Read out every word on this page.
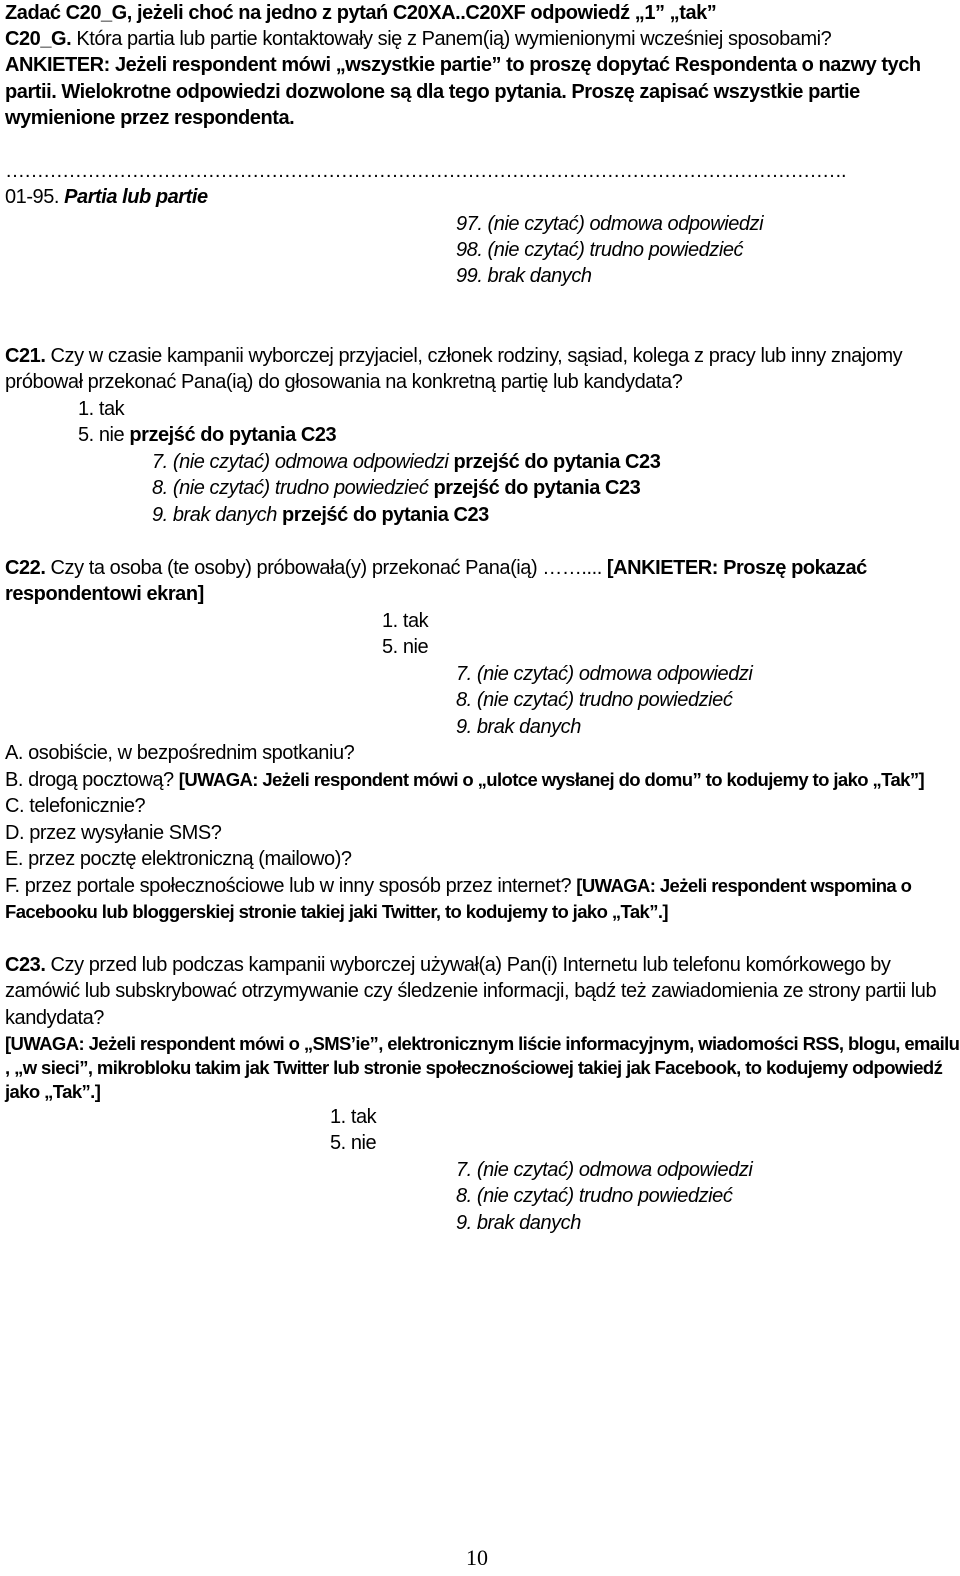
Zadać C20_G, jeżeli choć na jedno z pytań C20XA..C20XF odpowiedź „1” „tak”
C20_G. Która partia lub partie kontaktowały się z Panem(ią) wymienionymi wcześniej sposobami?
ANKIETER: Jeżeli respondent mówi „wszystkie partie” to proszę dopytać Respondenta o nazwy tych
partii. Wielokrotne odpowiedzi dozwolone są dla tego pytania. Proszę zapisać wszystkie partie
wymienione przez respondenta.
…………………………………………………………………………………………………………………….
01-95. Partia lub partie
97. (nie czytać) odmowa odpowiedzi
98. (nie czytać) trudno powiedzieć
99. brak danych
C21. Czy w czasie kampanii wyborczej przyjaciel, członek rodziny, sąsiad, kolega z pracy lub inny znajomy
próbował przekonać Pana(ią) do głosowania na konkretną partię lub kandydata?
1. tak
5. nie przejść do pytania C23
7. (nie czytać) odmowa odpowiedzi przejść do pytania C23
8. (nie czytać) trudno powiedzieć przejść do pytania C23
9. brak danych przejść do pytania C23
C22. Czy ta osoba (te osoby) próbowała(y) przekonać Pana(ią) …….... [ANKIETER: Proszę pokazać
respondentowi ekran]
1. tak
5. nie
7. (nie czytać) odmowa odpowiedzi
8. (nie czytać) trudno powiedzieć
9. brak danych
A. osobiście, w bezpośrednim spotkaniu?
B. drogą pocztową? [UWAGA: Jeżeli respondent mówi o „ulotce wysłanej do domu” to kodujemy to jako „Tak”]
C. telefonicznie?
D. przez wysyłanie SMS?
E. przez pocztę elektroniczną (mailowo)?
F. przez portale społecznościowe lub w inny sposób przez internet? [UWAGA: Jeżeli respondent wspomina o
Facebooku lub bloggerskiej stronie takiej jaki Twitter, to kodujemy to jako „Tak”.]
C23. Czy przed lub podczas kampanii wyborczej używał(a) Pan(i) Internetu lub telefonu komórkowego by
zamówić lub subskrybować otrzymywanie czy śledzenie informacji, bądź też zawiadomienia ze strony partii lub
kandydata?
[UWAGA: Jeżeli respondent mówi o „SMS’ie”, elektronicznym liście informacyjnym, wiadomości RSS, blogu, emailu
, „w sieci”, mikrobloku takim jak Twitter lub stronie społecznościowej takiej jak Facebook, to kodujemy odpowiedź
jako „Tak”.]
1. tak
5. nie
7. (nie czytać) odmowa odpowiedzi
8. (nie czytać) trudno powiedzieć
9. brak danych
10
